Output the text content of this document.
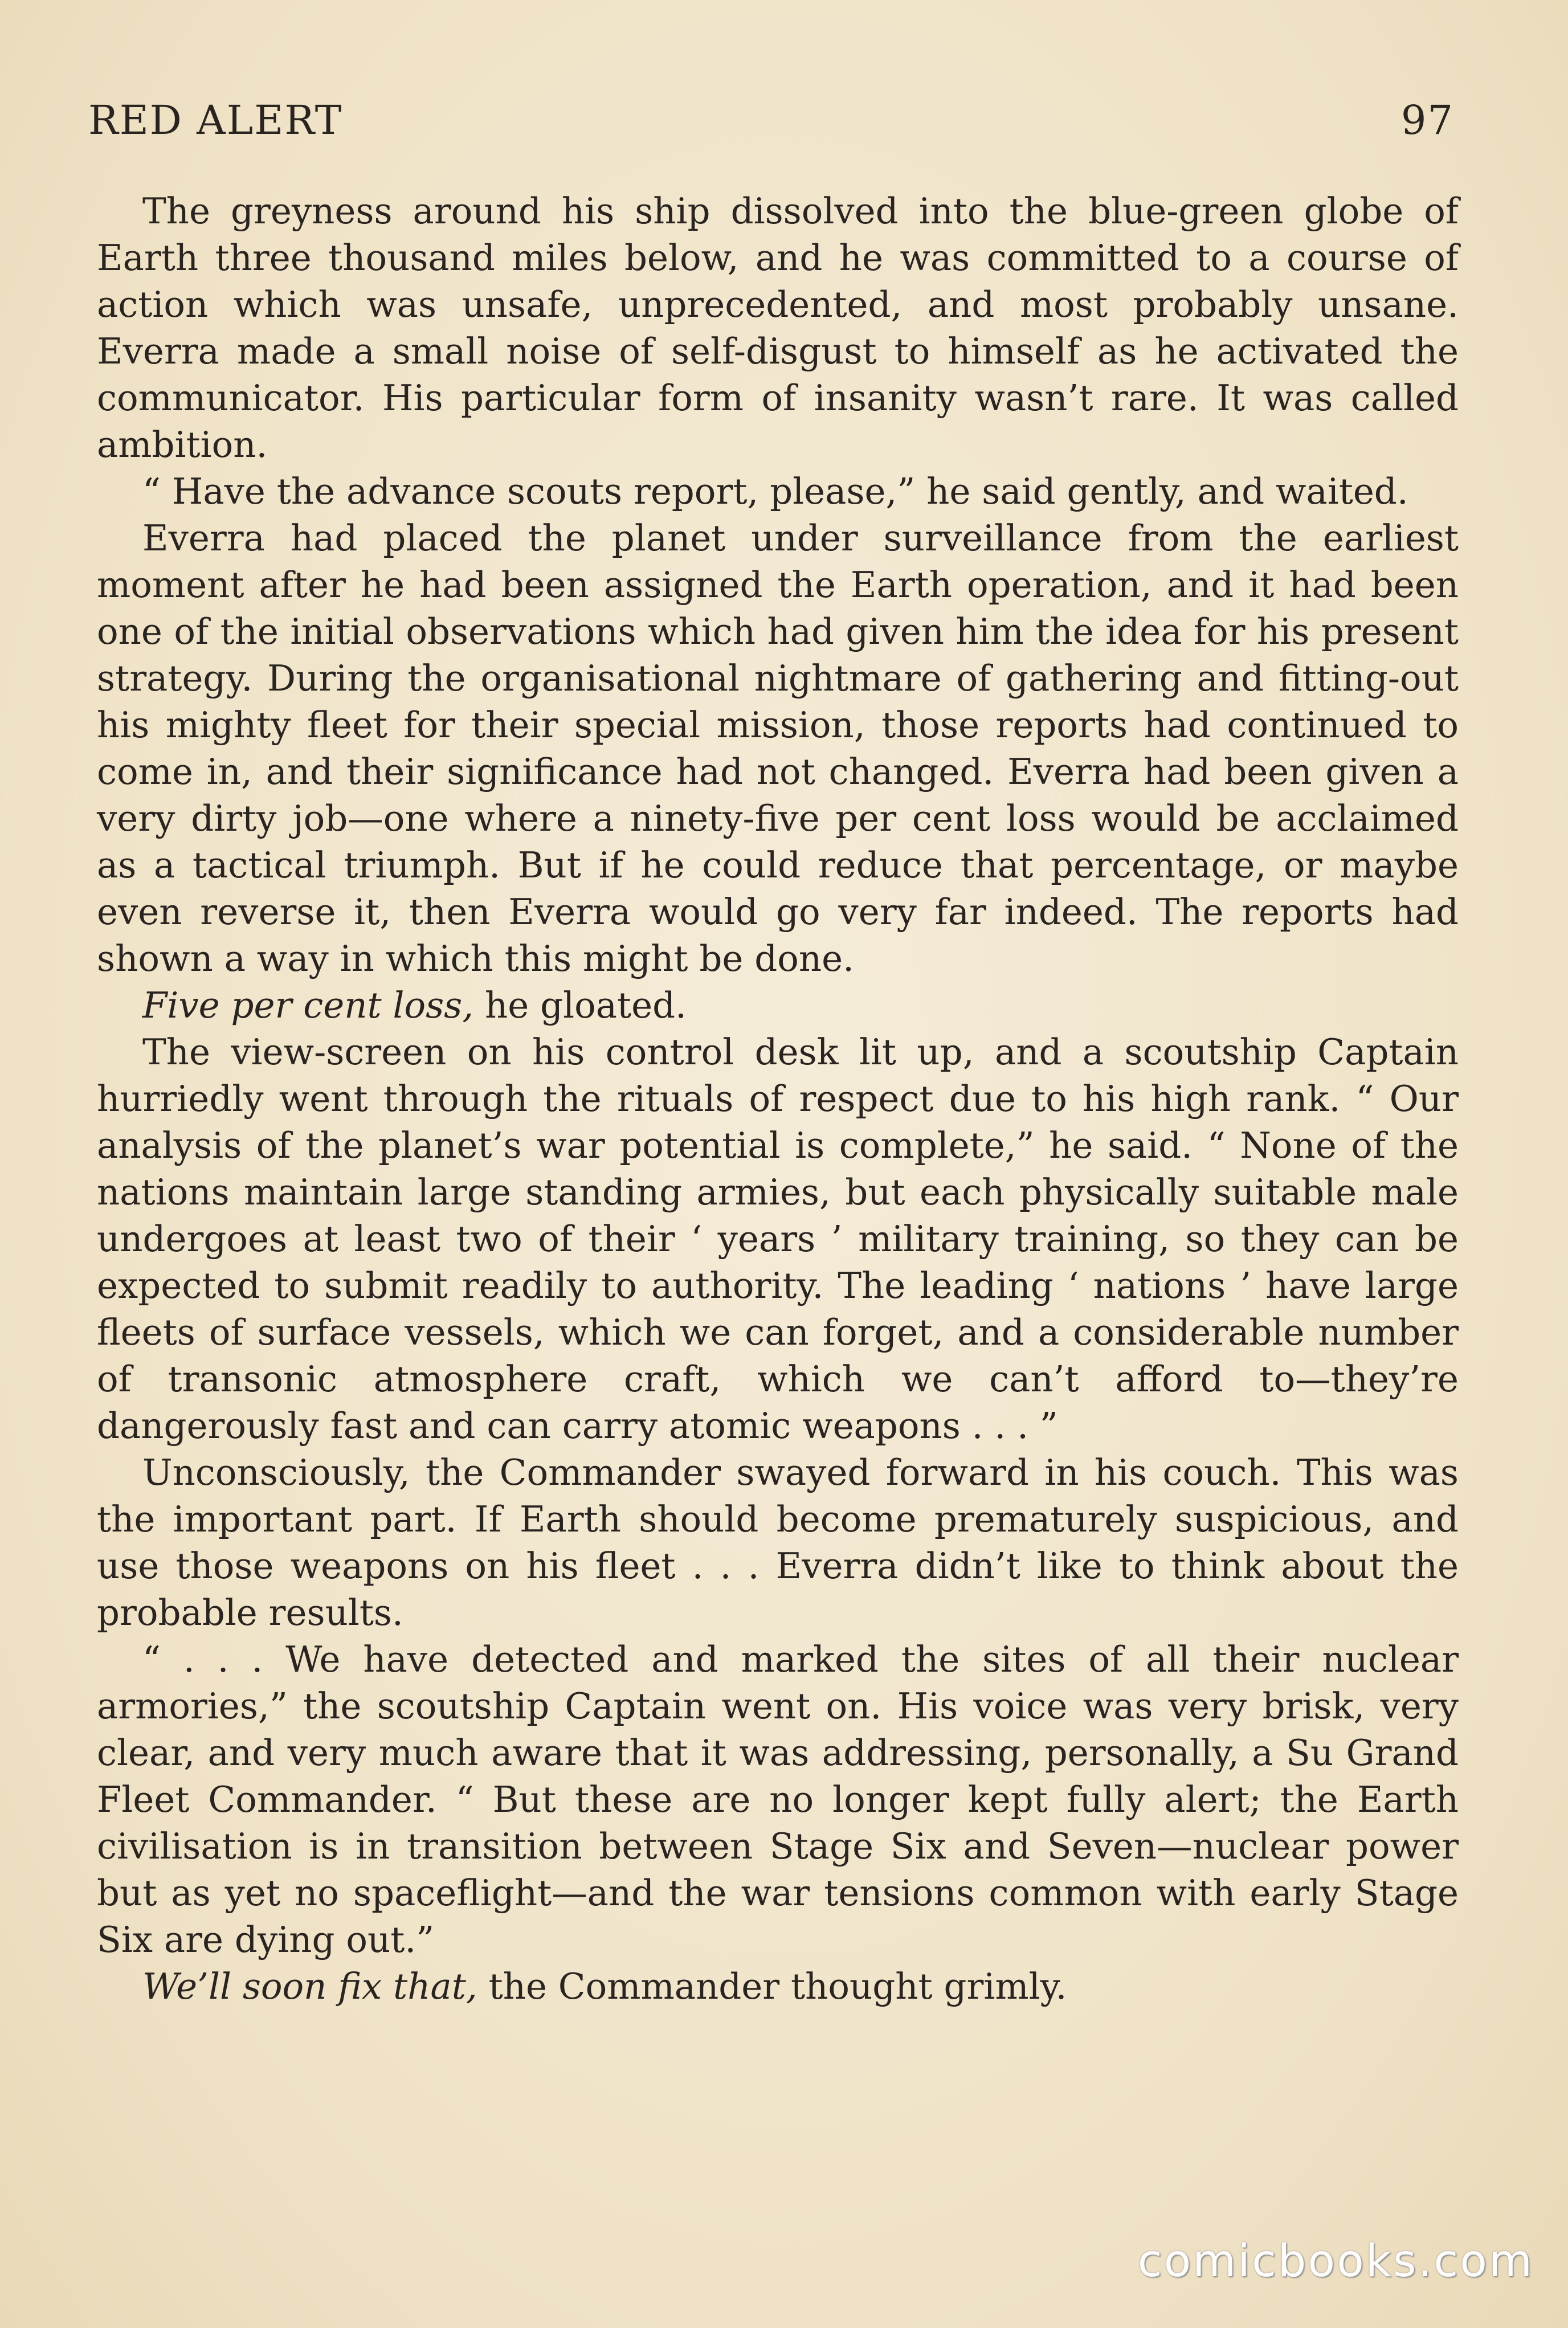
RED ALERT	97

The greyness around his ship dissolved into the blue-green globe of Earth three thousand miles below, and he was committed to a course of action which was unsafe, unprecedented, and most probably unsane. Everra made a small noise of self-disgust to himself as he activated the communicator. His particular form of insanity wasn’t rare. It was called ambition.

“ Have the advance scouts report, please,” he said gently, and waited.

Everra had placed the planet under surveillance from the earliest moment after he had been assigned the Earth operation, and it had been one of the initial observations which had given him the idea for his present strategy. During the organisational nightmare of gathering and fitting-out his mighty fleet for their special mission, those reports had continued to come in, and their significance had not changed. Everra had been given a very dirty job—one where a ninety-five per cent loss would be acclaimed as a tactical triumph. But if he could reduce that percentage, or maybe even reverse it, then Everra would go very far indeed. The reports had shown a way in which this might be done.

Five per cent loss, he gloated.

The view-screen on his control desk lit up, and a scoutship Captain hurriedly went through the rituals of respect due to his high rank. “ Our analysis of the planet’s war potential is complete,” he said. “ None of the nations maintain large standing armies, but each physically suitable male undergoes at least two of their ‘ years ’ military training, so they can be expected to submit readily to authority. The leading ‘ nations ’ have large fleets of surface vessels, which we can forget, and a considerable number of transonic atmosphere craft, which we can’t afford to—they’re dangerously fast and can carry atomic weapons . . . ”

Unconsciously, the Commander swayed forward in his couch. This was the important part. If Earth should become prematurely suspicious, and use those weapons on his fleet . . . Everra didn’t like to think about the probable results.

“ . . . We have detected and marked the sites of all their nuclear armories,” the scoutship Captain went on. His voice was very brisk, very clear, and very much aware that it was addressing, personally, a Su Grand Fleet Commander. “ But these are no longer kept fully alert; the Earth civilisation is in transition between Stage Six and Seven—nuclear power but as yet no spaceflight—and the war tensions common with early Stage Six are dying out.”

We’ll soon fix that, the Commander thought grimly.

comicbooks.com
